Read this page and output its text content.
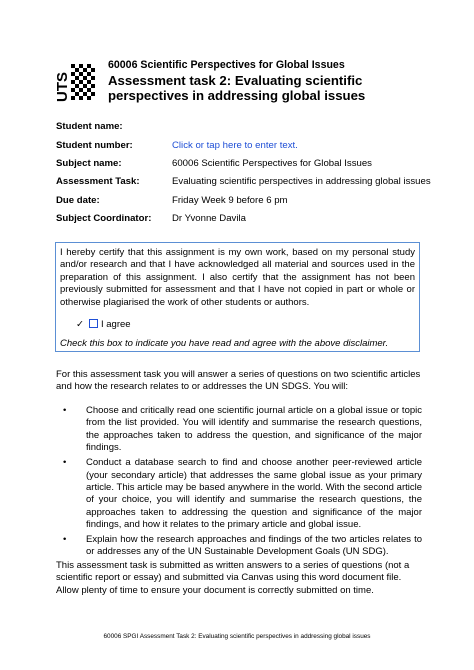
UTS
60006 Scientific Perspectives for Global Issues
Assessment task 2: Evaluating scientific perspectives in addressing global issues
Student name:
Student number:	Click or tap here to enter text.
Subject name:	60006 Scientific Perspectives for Global Issues
Assessment Task:	Evaluating scientific perspectives in addressing global issues
Due date:	Friday Week 9 before 6 pm
Subject Coordinator: Dr Yvonne Davila

I hereby certify that this assignment is my own work, based on my personal study and/or research and that I have acknowledged all material and sources used in the preparation of this assignment. I also certify that the assignment has not been previously submitted for assessment and that I have not copied in part or whole or otherwise plagiarised the work of other students or authors.

✓ I agree
Check this box to indicate you have read and agree with the above disclaimer.

For this assessment task you will answer a series of questions on two scientific articles and how the research relates to or addresses the UN SDGS. You will:

• Choose and critically read one scientific journal article on a global issue or topic from the list provided. You will identify and summarise the research questions, the approaches taken to address the question, and significance of the major findings.
• Conduct a database search to find and choose another peer-reviewed article (your secondary article) that addresses the same global issue as your primary article. This article may be based anywhere in the world. With the second article of your choice, you will identify and summarise the research questions, the approaches taken to addressing the question and significance of the major findings, and how it relates to the primary article and global issue.
• Explain how the research approaches and findings of the two articles relates to or addresses any of the UN Sustainable Development Goals (UN SDG).

This assessment task is submitted as written answers to a series of questions (not a scientific report or essay) and submitted via Canvas using this word document file. Allow plenty of time to ensure your document is correctly submitted on time.

60006 SPGI Assessment Task 2: Evaluating scientific perspectives in addressing global issues
